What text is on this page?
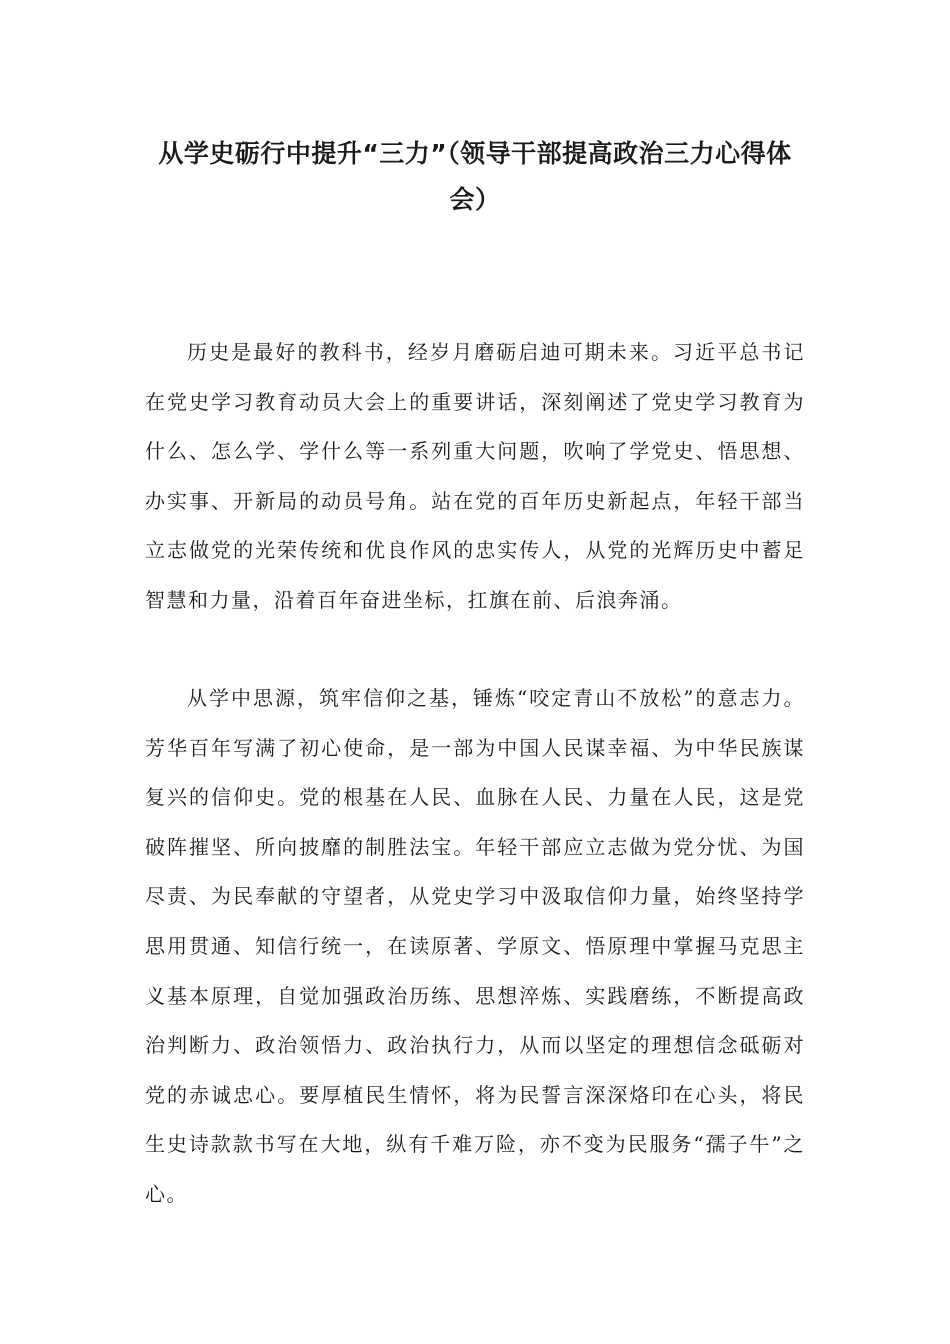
从学史砺行中提升“三力”（领导干部提高政治三力心得体会）

历史是最好的教科书，经岁月磨砺启迪可期未来。习近平总书记在党史学习教育动员大会上的重要讲话，深刻阐述了党史学习教育为什么、怎么学、学什么等一系列重大问题，吹响了学党史、悟思想、办实事、开新局的动员号角。站在党的百年历史新起点，年轻干部当立志做党的光荣传统和优良作风的忠实传人，从党的光辉历史中蓄足智慧和力量，沿着百年奋进坐标，扛旗在前、后浪奔涌。

从学中思源，筑牢信仰之基，锤炼“咬定青山不放松”的意志力。芳华百年写满了初心使命，是一部为中国人民谋幸福、为中华民族谋复兴的信仰史。党的根基在人民、血脉在人民、力量在人民，这是党破阵摧坚、所向披靡的制胜法宝。年轻干部应立志做为党分忧、为国尽责、为民奉献的守望者，从党史学习中汲取信仰力量，始终坚持学思用贯通、知信行统一，在读原著、学原文、悟原理中掌握马克思主义基本原理，自觉加强政治历练、思想淬炼、实践磨练，不断提高政治判断力、政治领悟力、政治执行力，从而以坚定的理想信念砥砺对党的赤诚忠心。要厚植民生情怀，将为民誓言深深烙印在心头，将民生史诗款款书写在大地，纵有千难万险，亦不变为民服务“孺子牛”之心。
